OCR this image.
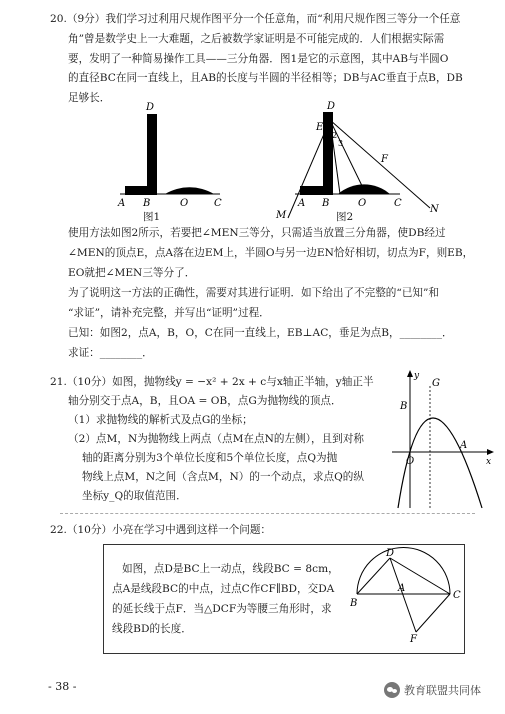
20.（9分）我们学习过利用尺规作图平分一个任意角，而“利用尺规作图三等分一个任意
角”曾是数学史上一大难题，之后被数学家证明是不可能完成的．人们根据实际需
要，发明了一种简易操作工具——三分角器．图1是它的示意图，其中AB与半圆O
的直径BC在同一直线上，且AB的长度与半圆的半径相等；DB与AC垂直于点B，DB
足够长．
D
A B	O	C
图1
D
E
1
2
3
F
M
A B	O	C
N
图2
使用方法如图2所示，若要把∠MEN三等分，只需适当放置三分角器，使DB经过
∠MEN的顶点E，点A落在边EM上，半圆O与另一边EN恰好相切，切点为F，则EB，
EO就把∠MEN三等分了．
为了说明这一方法的正确性，需要对其进行证明．如下给出了不完整的“已知”和
“求证”，请补充完整，并写出“证明”过程．
已知：如图2，点A，B，O，C在同一直线上，EB⊥AC，垂足为点B，________．
求证：________．
21.（10分）如图，抛物线y = −x² + 2x + c与x轴正半轴，y轴正半
轴分别交于点A，B，且OA = OB，点G为抛物线的顶点．
（1）求抛物线的解析式及点G的坐标；
（2）点M，N为抛物线上两点（点M在点N的左侧），且到对称
轴的距离分别为3个单位长度和5个单位长度，点Q为抛
物线上点M，N之间（含点M，N）的一个动点，求点Q的纵
坐标y_Q的取值范围．
y
G
B
A
O	x
22.（10分）小亮在学习中遇到这样一个问题：
如图，点D是BC上一动点，线段BC = 8cm，
点A是线段BC的中点，过点C作CF∥BD，交DA
的延长线于点F．当△DCF为等腰三角形时，求
线段BD的长度．
D
B
A
C
F
- 38 -	教育联盟共同体
